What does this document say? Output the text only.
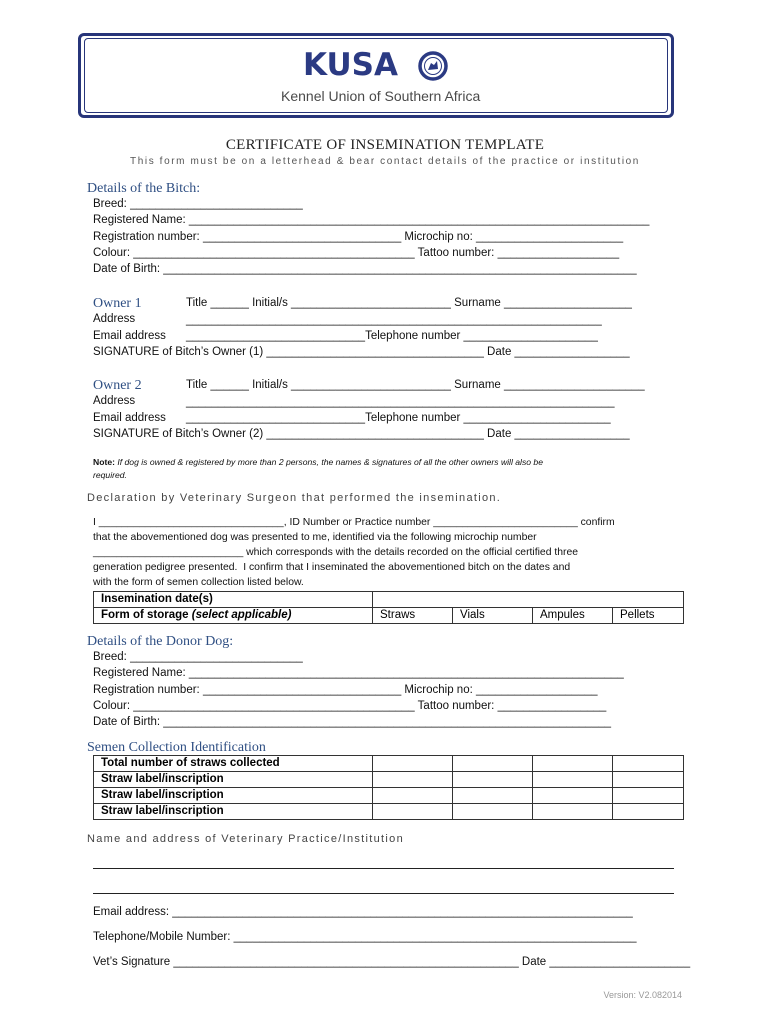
KUSA
Kennel Union of Southern Africa
CERTIFICATE OF INSEMINATION TEMPLATE
This form must be on a letterhead & bear contact details of the practice or institution
Details of the Bitch:
Breed: ___________________________
Registered Name: ________________________________________________________________________
Registration number: _______________________________ Microchip no: _______________________
Colour: ____________________________________________ Tattoo number: ___________________
Date of Birth: __________________________________________________________________________
Owner 1	Title ______ Initial/s _________________________ Surname ____________________
Address	_________________________________________________________________
Email address ____________________________Telephone number _____________________
SIGNATURE of Bitch’s Owner (1) __________________________________ Date __________________
Owner 2	Title ______ Initial/s _________________________ Surname ______________________
Address	___________________________________________________________________
Email address ____________________________Telephone number _______________________
SIGNATURE of Bitch’s Owner (2) __________________________________ Date __________________
Note: If dog is owned & registered by more than 2 persons, the names & signatures of all the other owners will also be
required.
Declaration by Veterinary Surgeon that performed the insemination.
I ________________________________, ID Number or Practice number _________________________ confirm
that the abovementioned dog was presented to me, identified via the following microchip number
__________________________ which corresponds with the details recorded on the official certified three
generation pedigree presented.  I confirm that I inseminated the abovementioned bitch on the dates and
with the form of semen collection listed below.
Insemination date(s)				
Form of storage (select applicable)	Straws	Vials	Ampules	Pellets
Details of the Donor Dog:
Breed: ___________________________
Registered Name: ____________________________________________________________________
Registration number: _______________________________ Microchip no: ___________________
Colour: ____________________________________________ Tattoo number: _________________
Date of Birth: ______________________________________________________________________
Semen Collection Identification
Total number of straws collected				
Straw label/inscription				
Straw label/inscription				
Straw label/inscription				
Name and address of Veterinary Practice/Institution
Email address: ________________________________________________________________________
Telephone/Mobile Number: _______________________________________________________________
Vet’s Signature ______________________________________________________ Date ______________________
Version: V2.082014
